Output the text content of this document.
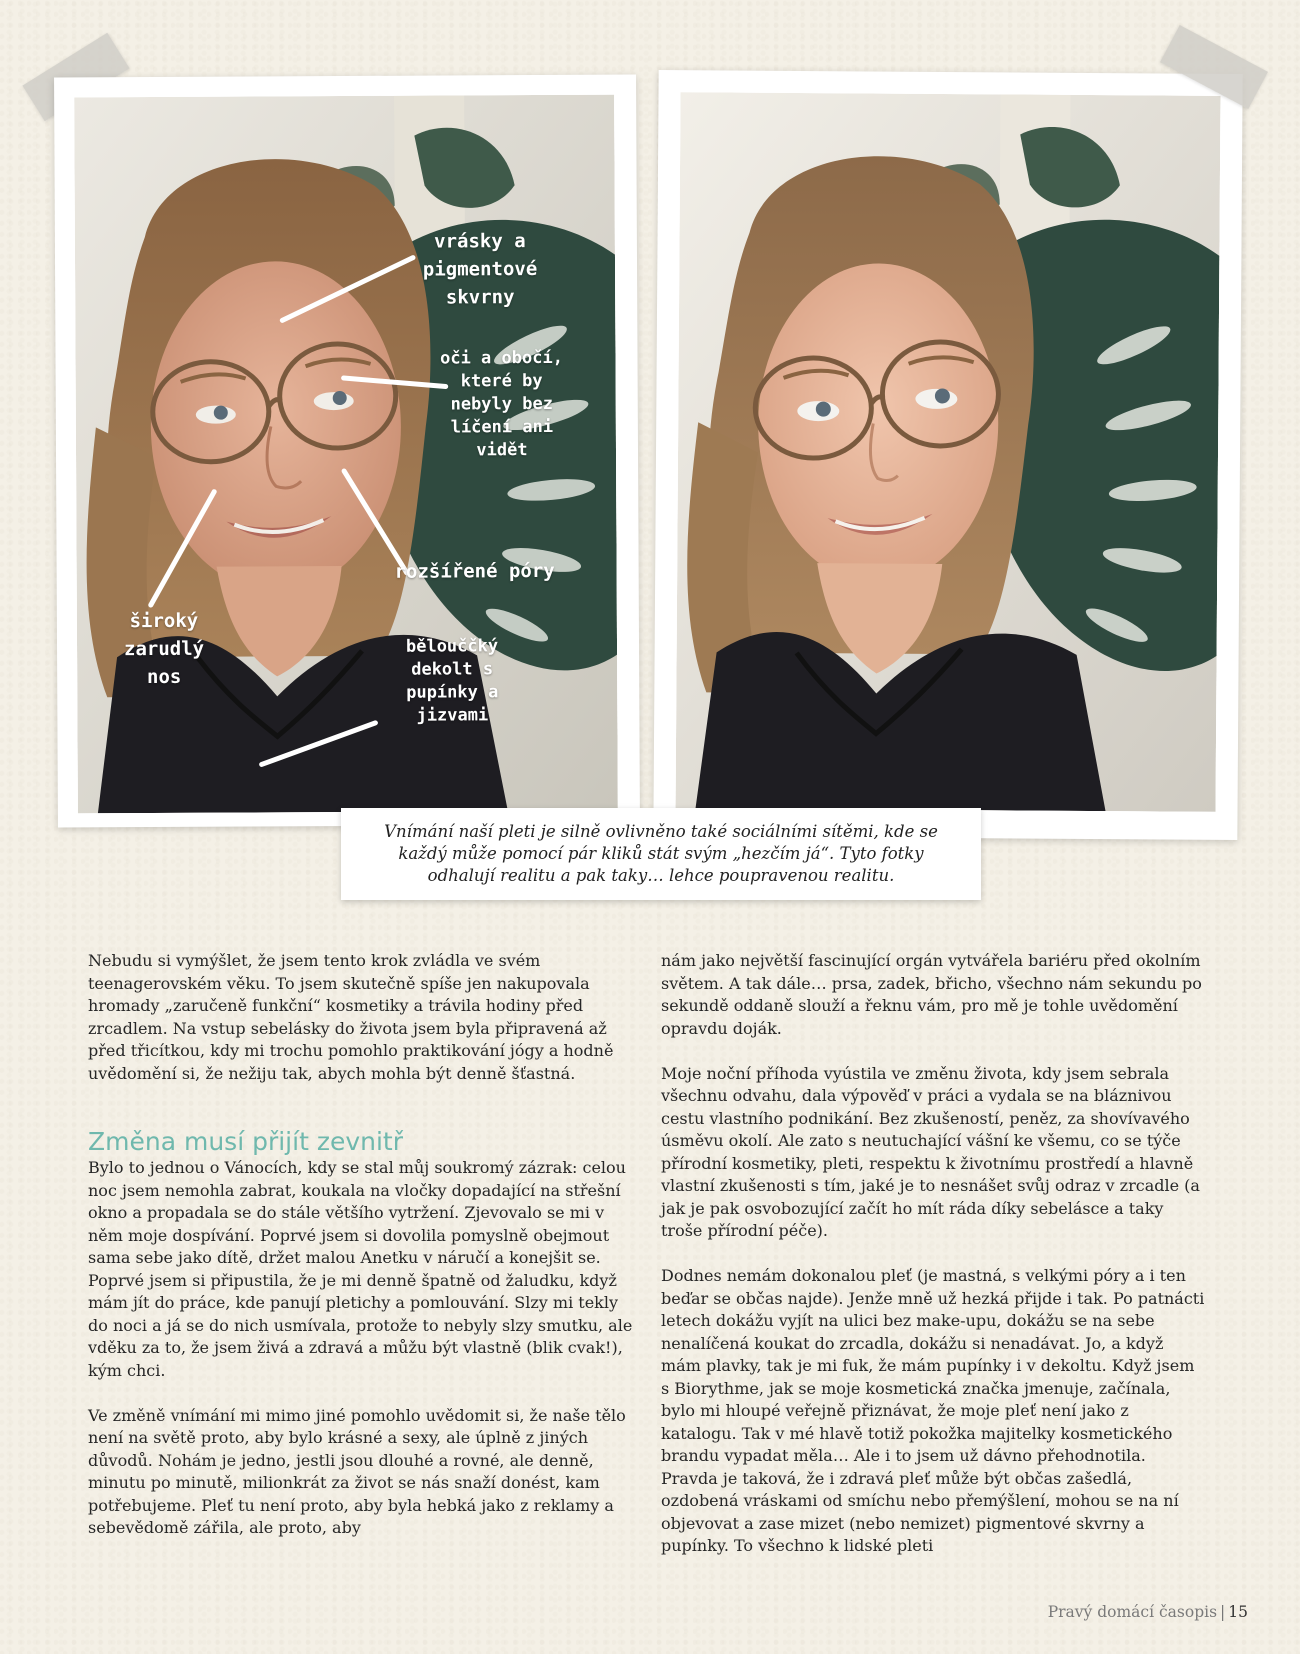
vrásky a
pigmentové
skvrny
oči a obočí,
které by
nebyly bez
líčení ani
vidět
rozšířené póry
široký
zarudlý
nos
bělouččký
dekolt s
pupínky a
jizvami

Vnímání naší pleti je silně ovlivněno také sociálními sítěmi, kde se každý může pomocí pár kliků stát svým „hezčím já“. Tyto fotky odhalují realitu a pak taky… lehce poupravenou realitu.

Nebudu si vymýšlet, že jsem tento krok zvládla ve svém teenagerovském věku. To jsem skutečně spíše jen nakupovala hromady „zaručeně funkční“ kosmetiky a trávila hodiny před zrcadlem. Na vstup sebelásky do života jsem byla připravená až před třicítkou, kdy mi trochu pomohlo praktikování jógy a hodně uvědomění si, že nežiju tak, abych mohla být denně šťastná.

Změna musí přijít zevnitř

Bylo to jednou o Vánocích, kdy se stal můj soukromý zázrak: celou noc jsem nemohla zabrat, koukala na vločky dopadající na střešní okno a propadala se do stále většího vytržení. Zjevovalo se mi v něm moje dospívání. Poprvé jsem si dovolila pomyslně obejmout sama sebe jako dítě, držet malou Anetku v náručí a konejšit se. Poprvé jsem si připustila, že je mi denně špatně od žaludku, když mám jít do práce, kde panují pletichy a pomlouvání. Slzy mi tekly do noci a já se do nich usmívala, protože to nebyly slzy smutku, ale vděku za to, že jsem živá a zdravá a můžu být vlastně (blik cvak!), kým chci.

Ve změně vnímání mi mimo jiné pomohlo uvědomit si, že naše tělo není na světě proto, aby bylo krásné a sexy, ale úplně z jiných důvodů. Nohám je jedno, jestli jsou dlouhé a rovné, ale denně, minutu po minutě, milionkrát za život se nás snaží donést, kam potřebujeme. Pleť tu není proto, aby byla hebká jako z reklamy a sebevědomě zářila, ale proto, aby

nám jako největší fascinující orgán vytvářela bariéru před okolním světem. A tak dále… prsa, zadek, břicho, všechno nám sekundu po sekundě oddaně slouží a řeknu vám, pro mě je tohle uvědomění opravdu doják.

Moje noční příhoda vyústila ve změnu života, kdy jsem sebrala všechnu odvahu, dala výpověď v práci a vydala se na bláznivou cestu vlastního podnikání. Bez zkušeností, peněz, za shovívavého úsměvu okolí. Ale zato s neutuchající vášní ke všemu, co se týče přírodní kosmetiky, pleti, respektu k životnímu prostředí a hlavně vlastní zkušenosti s tím, jaké je to nesnášet svůj odraz v zrcadle (a jak je pak osvobozující začít ho mít ráda díky sebelásce a taky troše přírodní péče).

Dodnes nemám dokonalou pleť (je mastná, s velkými póry a i ten beďar se občas najde). Jenže mně už hezká přijde i tak. Po patnácti letech dokážu vyjít na ulici bez make-upu, dokážu se na sebe nenalíčená koukat do zrcadla, dokážu si nenadávat. Jo, a když mám plavky, tak je mi fuk, že mám pupínky i v dekoltu. Když jsem s Biorythme, jak se moje kosmetická značka jmenuje, začínala, bylo mi hloupé veřejně přiznávat, že moje pleť není jako z katalogu. Tak v mé hlavě totiž pokožka majitelky kosmetického brandu vypadat měla… Ale i to jsem už dávno přehodnotila. Pravda je taková, že i zdravá pleť může být občas zašedlá, ozdobená vráskami od smíchu nebo přemýšlení, mohou se na ní objevovat a zase mizet (nebo nemizet) pigmentové skvrny a pupínky. To všechno k lidské pleti

Pravý domácí časopis | 15
